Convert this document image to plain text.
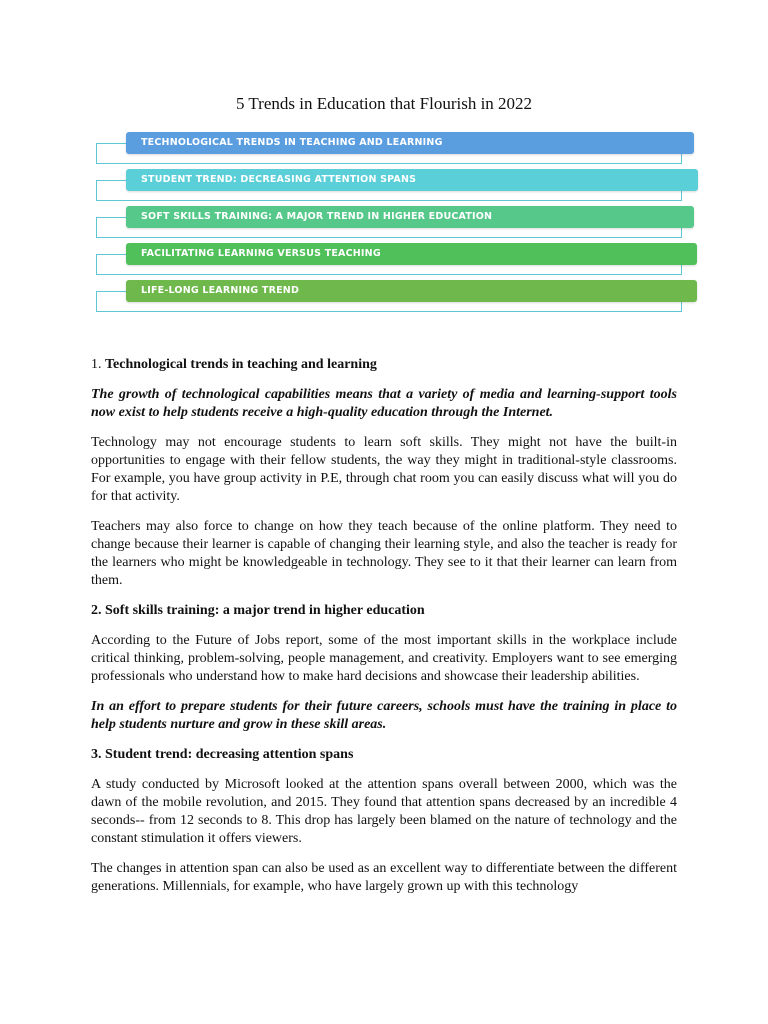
5 Trends in Education that Flourish in 2022
TECHNOLOGICAL TRENDS IN TEACHING AND LEARNING
STUDENT TREND: DECREASING ATTENTION SPANS
SOFT SKILLS TRAINING: A MAJOR TREND IN HIGHER EDUCATION
FACILITATING LEARNING VERSUS TEACHING
LIFE-LONG LEARNING TREND

1. Technological trends in teaching and learning

The growth of technological capabilities means that a variety of media and learning-support tools now exist to help students receive a high-quality education through the Internet.

Technology may not encourage students to learn soft skills. They might not have the built-in opportunities to engage with their fellow students, the way they might in traditional-style classrooms. For example, you have group activity in P.E, through chat room you can easily discuss what will you do for that activity.

Teachers may also force to change on how they teach because of the online platform. They need to change because their learner is capable of changing their learning style, and also the teacher is ready for the learners who might be knowledgeable in technology. They see to it that their learner can learn from them.

2. Soft skills training: a major trend in higher education

According to the Future of Jobs report, some of the most important skills in the workplace include critical thinking, problem-solving, people management, and creativity. Employers want to see emerging professionals who understand how to make hard decisions and showcase their leadership abilities.

In an effort to prepare students for their future careers, schools must have the training in place to help students nurture and grow in these skill areas.

3. Student trend: decreasing attention spans

A study conducted by Microsoft looked at the attention spans overall between 2000, which was the dawn of the mobile revolution, and 2015. They found that attention spans decreased by an incredible 4 seconds-- from 12 seconds to 8. This drop has largely been blamed on the nature of technology and the constant stimulation it offers viewers.

The changes in attention span can also be used as an excellent way to differentiate between the different generations. Millennials, for example, who have largely grown up with this technology
